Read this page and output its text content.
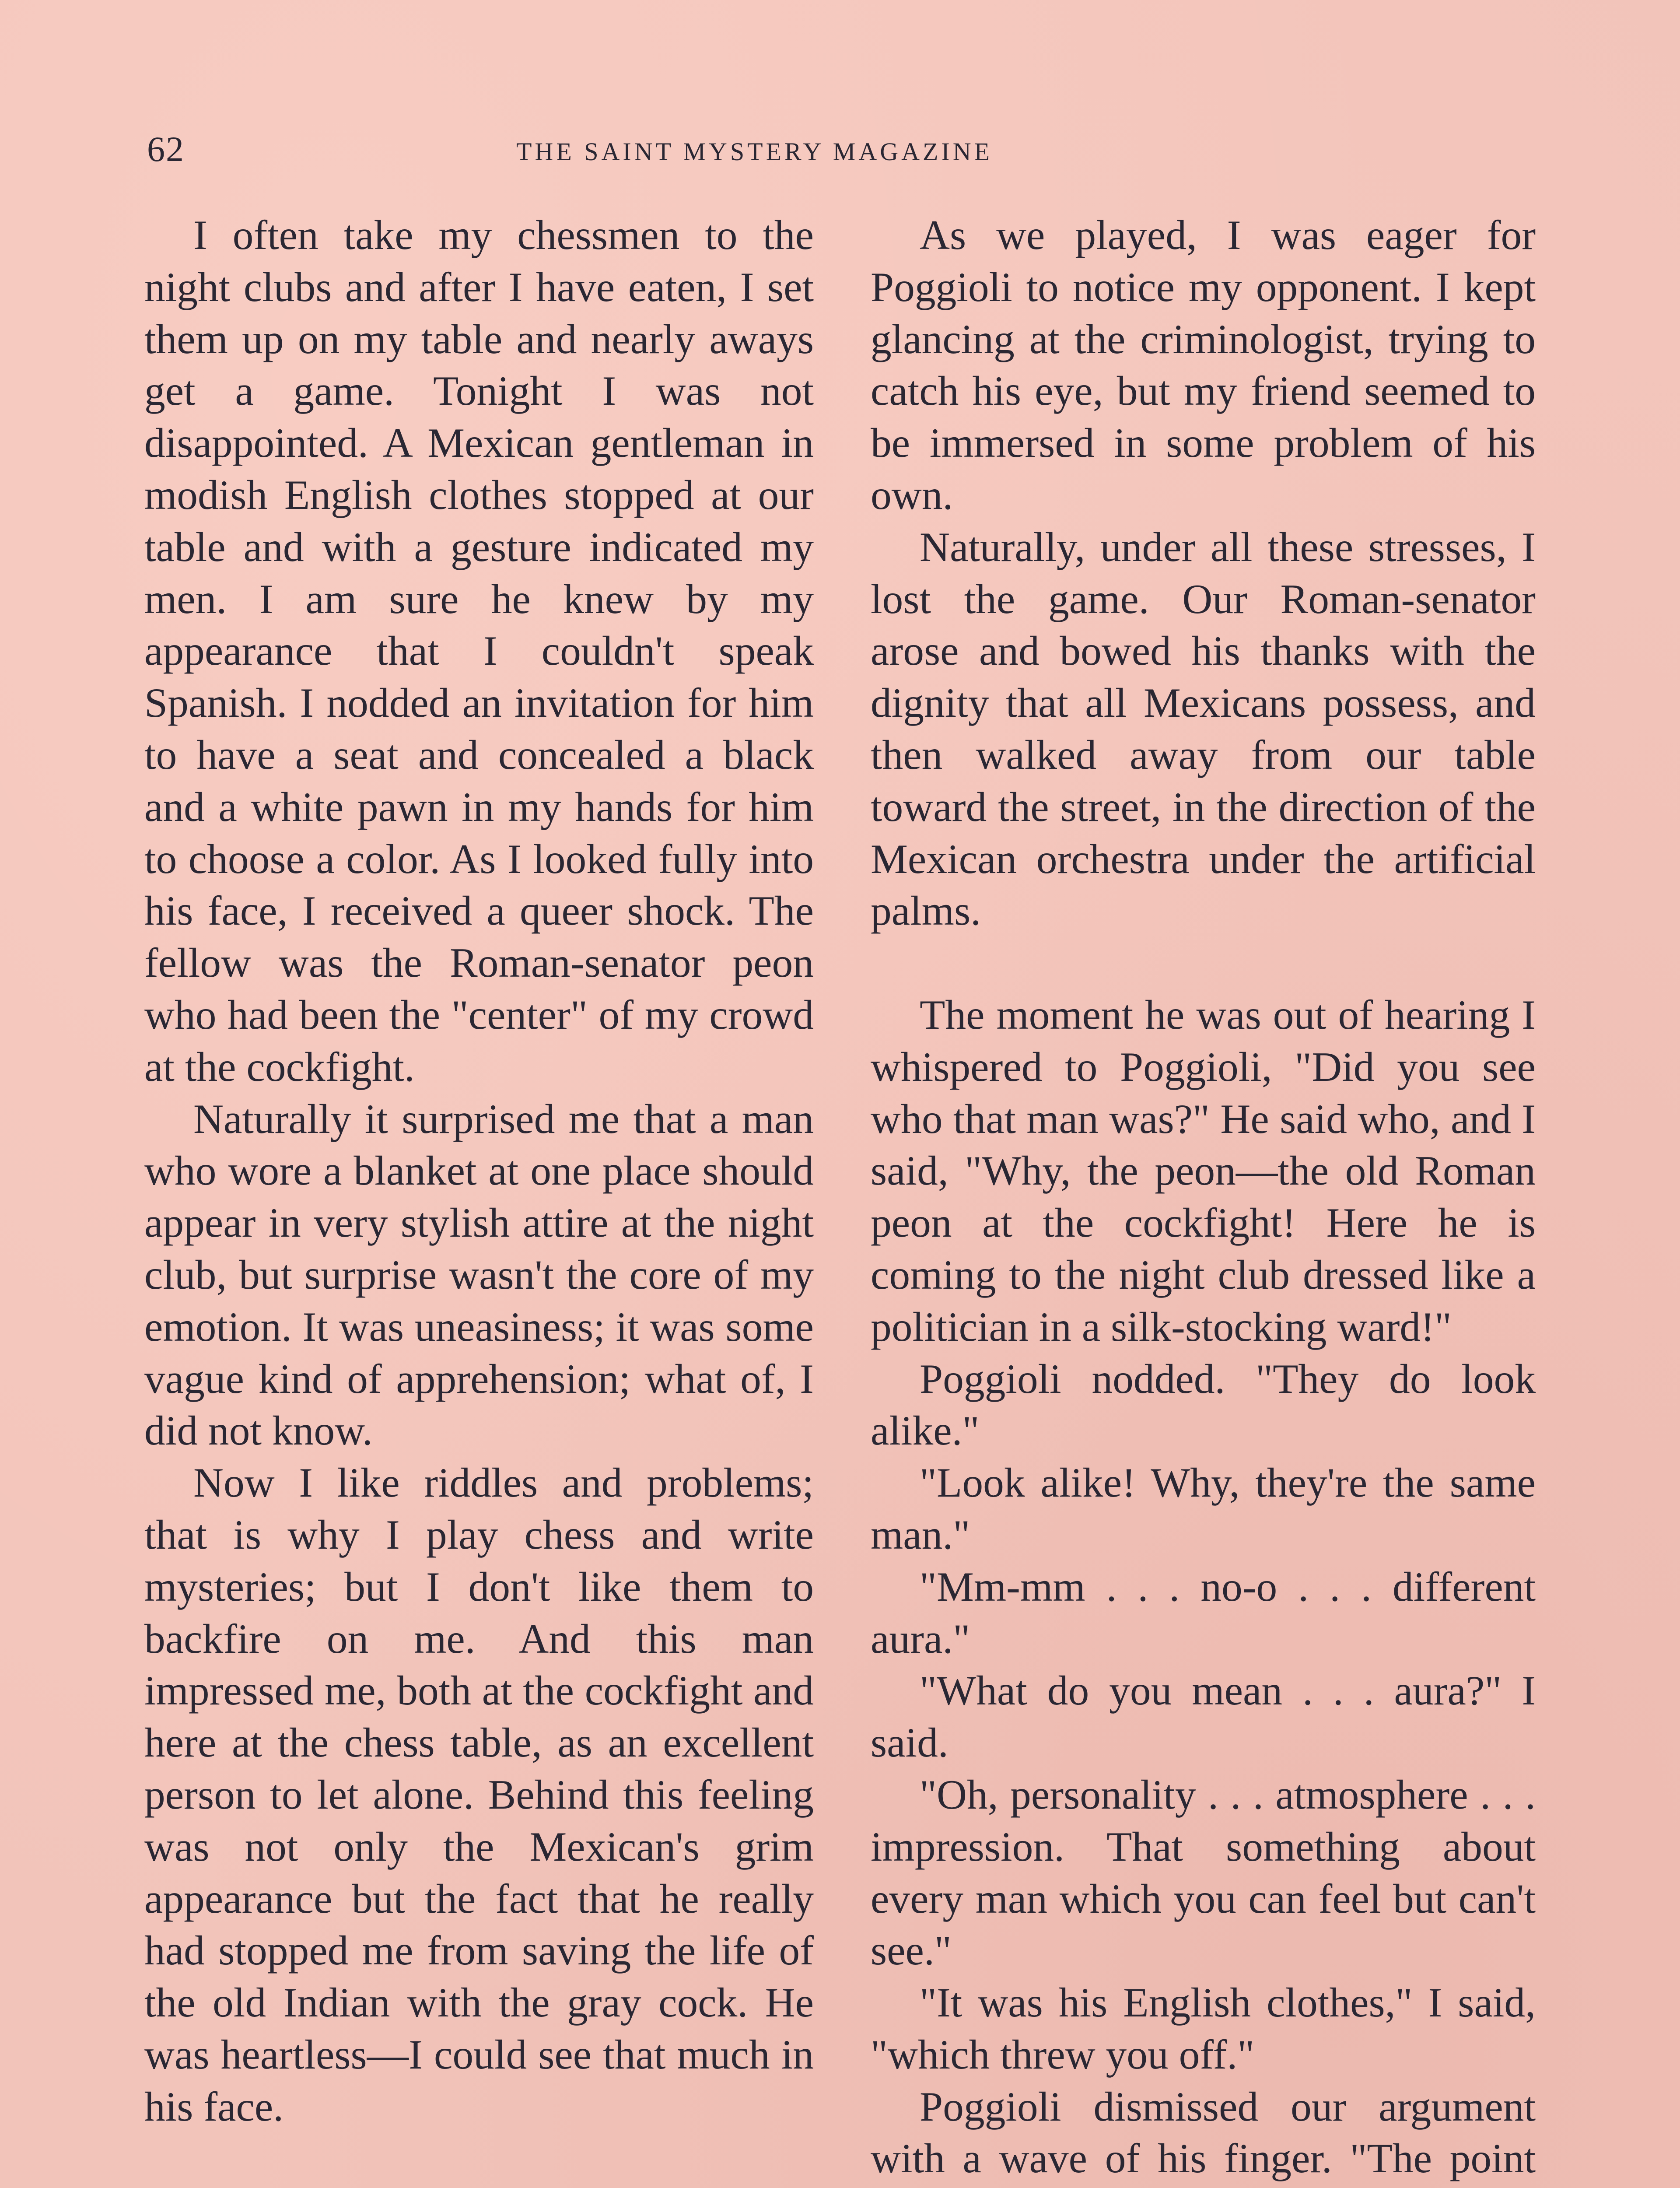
62	THE SAINT MYSTERY MAGAZINE

I often take my chessmen to the night clubs and after I have eaten, I set them up on my table and nearly aways get a game. Tonight I was not disappointed. A Mexican gentleman in modish English clothes stopped at our table and with a gesture indicated my men. I am sure he knew by my appearance that I couldn't speak Spanish. I nodded an invitation for him to have a seat and concealed a black and a white pawn in my hands for him to choose a color. As I looked fully into his face, I received a queer shock. The fellow was the Roman-senator peon who had been the "center" of my crowd at the cockfight.

Naturally it surprised me that a man who wore a blanket at one place should appear in very stylish attire at the night club, but surprise wasn't the core of my emotion. It was uneasiness; it was some vague kind of apprehension; what of, I did not know.

Now I like riddles and problems; that is why I play chess and write mysteries; but I don't like them to backfire on me. And this man impressed me, both at the cockfight and here at the chess table, as an excellent person to let alone. Behind this feeling was not only the Mexican's grim appearance but the fact that he really had stopped me from saving the life of the old Indian with the gray cock. He was heartless—I could see that much in his face.

As we played, I was eager for Poggioli to notice my opponent. I kept glancing at the criminologist, trying to catch his eye, but my friend seemed to be immersed in some problem of his own.

Naturally, under all these stresses, I lost the game. Our Roman-senator arose and bowed his thanks with the dignity that all Mexicans possess, and then walked away from our table toward the street, in the direction of the Mexican orchestra under the artificial palms.

The moment he was out of hearing I whispered to Poggioli, "Did you see who that man was?" He said who, and I said, "Why, the peon—the old Roman peon at the cockfight! Here he is coming to the night club dressed like a politician in a silk-stocking ward!"

Poggioli nodded. "They do look alike."

"Look alike! Why, they're the same man."

"Mm-mm . . . no-o . . . different aura."

"What do you mean . . . aura?" I said.

"Oh, personality . . . atmosphere . . . impression. That something about every man which you can feel but can't see."

"It was his English clothes," I said, "which threw you off."

Poggioli dismissed our argument with a wave of his finger. "The point
